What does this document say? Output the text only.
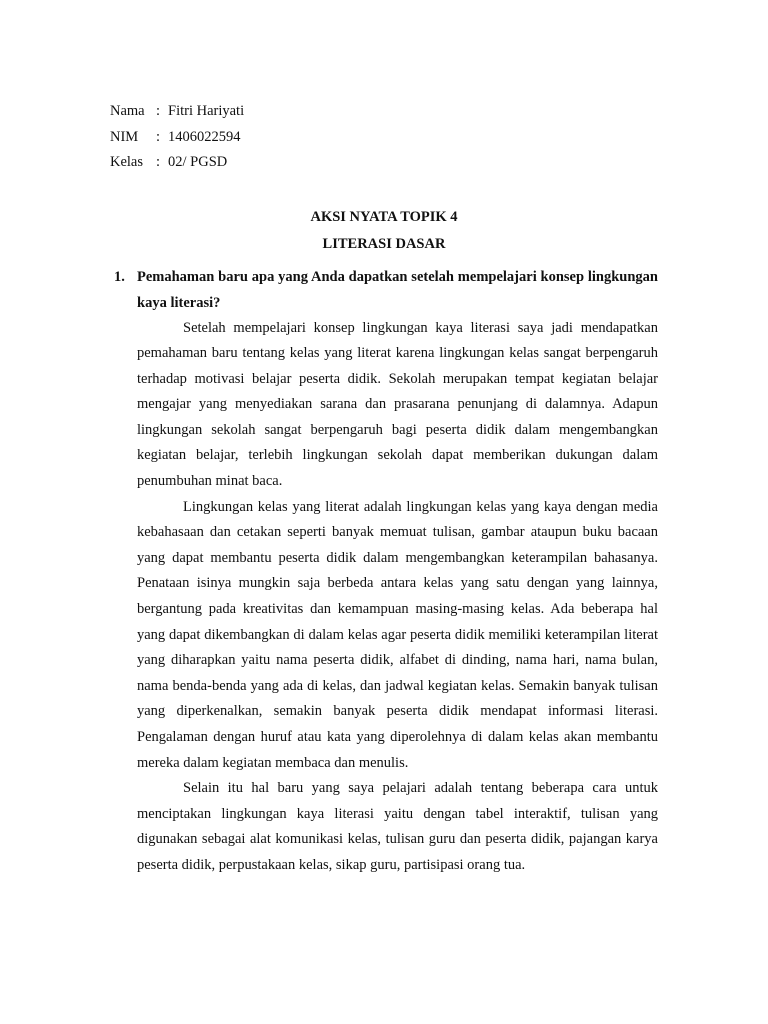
Nama : Fitri Hariyati
NIM	: 1406022594
Kelas : 02/ PGSD
AKSI NYATA TOPIK 4
LITERASI DASAR
1. Pemahaman baru apa yang Anda dapatkan setelah mempelajari konsep lingkungan kaya literasi?

Setelah mempelajari konsep lingkungan kaya literasi saya jadi mendapatkan pemahaman baru tentang kelas yang literat karena lingkungan kelas sangat berpengaruh terhadap motivasi belajar peserta didik. Sekolah merupakan tempat kegiatan belajar mengajar yang menyediakan sarana dan prasarana penunjang di dalamnya. Adapun lingkungan sekolah sangat berpengaruh bagi peserta didik dalam mengembangkan kegiatan belajar, terlebih lingkungan sekolah dapat memberikan dukungan dalam penumbuhan minat baca.

Lingkungan kelas yang literat adalah lingkungan kelas yang kaya dengan media kebahasaan dan cetakan seperti banyak memuat tulisan, gambar ataupun buku bacaan yang dapat membantu peserta didik dalam mengembangkan keterampilan bahasanya. Penataan isinya mungkin saja berbeda antara kelas yang satu dengan yang lainnya, bergantung pada kreativitas dan kemampuan masing-masing kelas. Ada beberapa hal yang dapat dikembangkan di dalam kelas agar peserta didik memiliki keterampilan literat yang diharapkan yaitu nama peserta didik, alfabet di dinding, nama hari, nama bulan, nama benda-benda yang ada di kelas, dan jadwal kegiatan kelas. Semakin banyak tulisan yang diperkenalkan, semakin banyak peserta didik mendapat informasi literasi. Pengalaman dengan huruf atau kata yang diperolehnya di dalam kelas akan membantu mereka dalam kegiatan membaca dan menulis.

Selain itu hal baru yang saya pelajari adalah tentang beberapa cara untuk menciptakan lingkungan kaya literasi yaitu dengan tabel interaktif, tulisan yang digunakan sebagai alat komunikasi kelas, tulisan guru dan peserta didik, pajangan karya peserta didik, perpustakaan kelas, sikap guru, partisipasi orang tua.
